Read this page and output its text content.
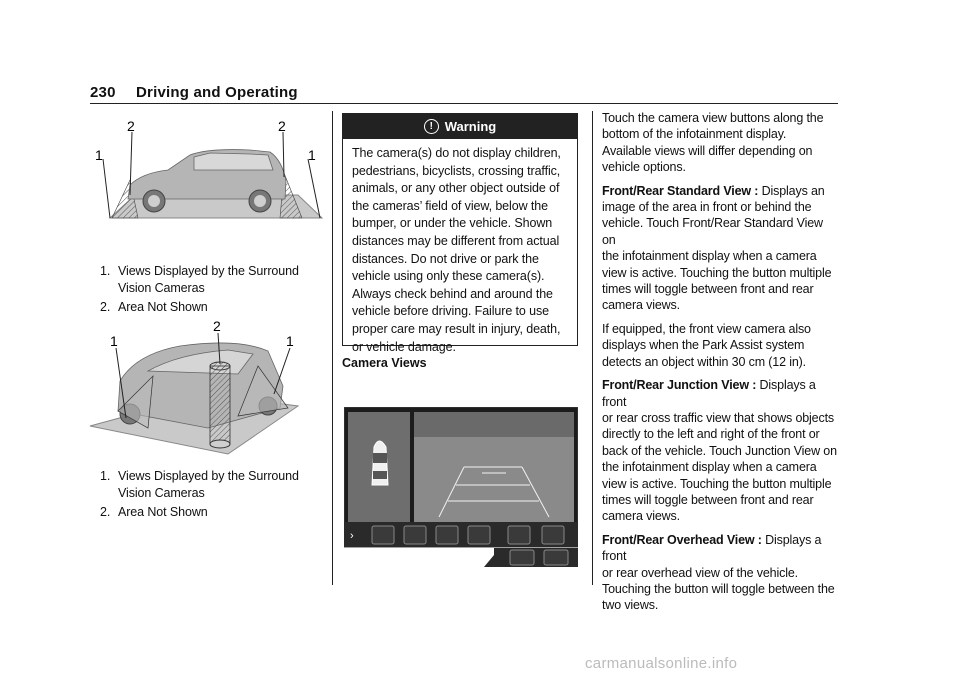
230 Driving and Operating
1	1
2	2
1. Views Displayed by the Surround
Vision Cameras
2. Area Not Shown
1	1
2
1. Views Displayed by the Surround
Vision Cameras
2. Area Not Shown
! Warning
The camera(s) do not display children,
pedestrians, bicyclists, crossing traffic,
animals, or any other object outside of
the cameras’ field of view, below the
bumper, or under the vehicle. Shown
distances may be different from actual
distances. Do not drive or park the
vehicle using only these camera(s).
Always check behind and around the
vehicle before driving. Failure to use
proper care may result in injury, death,
or vehicle damage.
Camera Views
›

Touch the camera view buttons along the
bottom of the infotainment display.
Available views will differ depending on
vehicle options.

Front/Rear Standard View : Displays an
image of the area in front or behind the
vehicle. Touch Front/Rear Standard View on
the infotainment display when a camera
view is active. Touching the button multiple
times will toggle between front and rear
camera views.

If equipped, the front view camera also
displays when the Park Assist system
detects an object within 30 cm (12 in).

Front/Rear Junction View : Displays a front
or rear cross traffic view that shows objects
directly to the left and right of the front or
back of the vehicle. Touch Junction View on
the infotainment display when a camera
view is active. Touching the button multiple
times will toggle between front and rear
camera views.

Front/Rear Overhead View : Displays a front
or rear overhead view of the vehicle.
Touching the button will toggle between the
two views.

carmanualsonline.info
